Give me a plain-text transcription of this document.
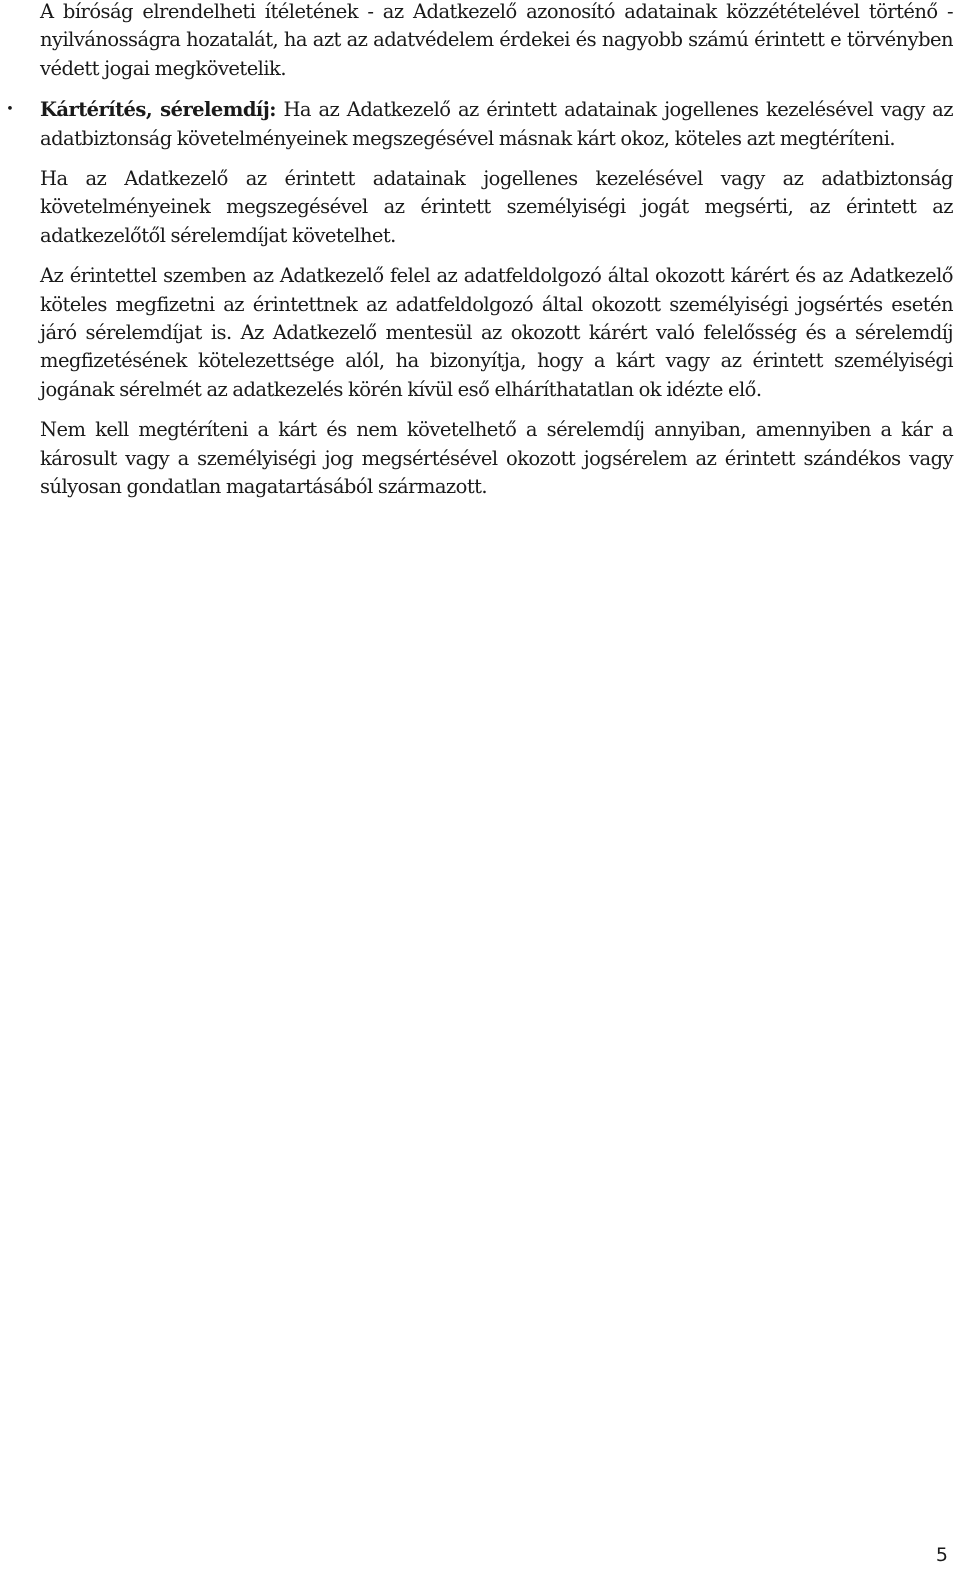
A bíróság elrendelheti ítéletének - az Adatkezelő azonosító adatainak közzétételével történő -nyilvánosságra hozatalát, ha azt az adatvédelem érdekei és nagyobb számú érintett e törvényben védett jogai megkövetelik.

• Kártérítés, sérelemdíj: Ha az Adatkezelő az érintett adatainak jogellenes kezelésével vagy az adatbiztonság követelményeinek megszegésével másnak kárt okoz, köteles azt megtéríteni.

Ha az Adatkezelő az érintett adatainak jogellenes kezelésével vagy az adatbiztonság követelményeinek megszegésével az érintett személyiségi jogát megsérti, az érintett az adatkezelőtől sérelemdíjat követelhet.

Az érintettel szemben az Adatkezelő felel az adatfeldolgozó által okozott kárért és az Adatkezelő köteles megfizetni az érintettnek az adatfeldolgozó által okozott személyiségi jogsértés esetén járó sérelemdíjat is. Az Adatkezelő mentesül az okozott kárért való felelősség és a sérelemdíj megfizetésének kötelezettsége alól, ha bizonyítja, hogy a kárt vagy az érintett személyiségi jogának sérelmét az adatkezelés körén kívül eső elháríthatatlan ok idézte elő.

Nem kell megtéríteni a kárt és nem követelhető a sérelemdíj annyiban, amennyiben a kár a károsult vagy a személyiségi jog megsértésével okozott jogsérelem az érintett szándékos vagy súlyosan gondatlan magatartásából származott.

5
